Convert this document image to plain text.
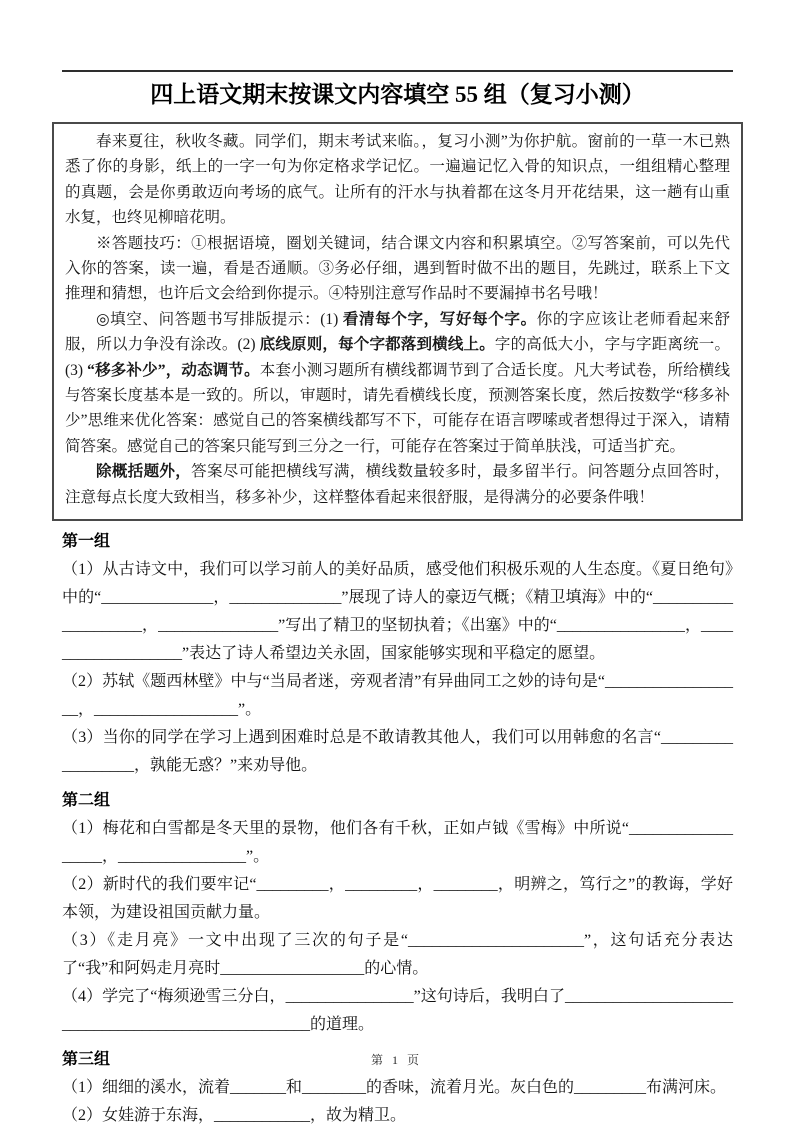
四上语文期末按课文内容填空 55 组（复习小测）

春来夏往，秋收冬藏。同学们，期末考试来临。，复习小测”为你护航。窗前的一草一木已熟悉了你的身影，纸上的一字一句为你定格求学记忆。一遍遍记忆入骨的知识点，一组组精心整理的真题，会是你勇敢迈向考场的底气。让所有的汗水与执着都在这冬月开花结果，这一趟有山重水复，也终见柳暗花明。

※答题技巧：①根据语境，圈划关键词，结合课文内容和积累填空。②写答案前，可以先代入你的答案，读一遍，看是否通顺。③务必仔细，遇到暂时做不出的题目，先跳过，联系上下文推理和猜想，也许后文会给到你提示。④特别注意写作品时不要漏掉书名号哦！

◎填空、问答题书写排版提示：(1) 看清每个字，写好每个字。你的字应该让老师看起来舒服，所以力争没有涂改。(2) 底线原则，每个字都落到横线上。字的高低大小，字与字距离统一。(3) “移多补少”，动态调节。本套小测习题所有横线都调节到了合适长度。凡大考试卷，所给横线与答案长度基本是一致的。所以，审题时，请先看横线长度，预测答案长度，然后按数学“移多补少”思维来优化答案：感觉自己的答案横线都写不下，可能存在语言啰嗦或者想得过于深入，请精简答案。感觉自己的答案只能写到三分之一行，可能存在答案过于简单肤浅，可适当扩充。

除概括题外，答案尽可能把横线写满，横线数量较多时，最多留半行。问答题分点回答时，注意每点长度大致相当，移多补少，这样整体看起来很舒服，是得满分的必要条件哦！

第一组

（1）从古诗文中，我们可以学习前人的美好品质，感受他们积极乐观的人生态度。《夏日绝句》中的“______________，______________”展现了诗人的豪迈气概；《精卫填海》中的“____________________，_______________”写出了精卫的坚韧执着；《出塞》中的“________________，___________________”表达了诗人希望边关永固，国家能够实现和平稳定的愿望。

（2）苏轼《题西林壁》中与“当局者迷，旁观者清”有异曲同工之妙的诗句是“__________________，__________________”。

（3）当你的同学在学习上遇到困难时总是不敢请教其他人，我们可以用韩愈的名言“__________________，孰能无惑？”来劝导他。

第二组

（1）梅花和白雪都是冬天里的景物，他们各有千秋，正如卢钺《雪梅》中所说“__________________，________________”。

（2）新时代的我们要牢记“_________，_________，________，明辨之，笃行之”的教诲，学好本领，为建设祖国贡献力量。

（3）《走月亮》一文中出现了三次的句子是“______________________”，这句话充分表达了“我”和阿妈走月亮时__________________的心情。

（4）学完了“梅须逊雪三分白，________________”这句诗后，我明白了____________________________________________________的道理。

第三组

（1）细细的溪水，流着_______和________的香味，流着月光。灰白色的_________布满河床。

（2）女娃游于东海，____________，故为精卫。

第 1 页
